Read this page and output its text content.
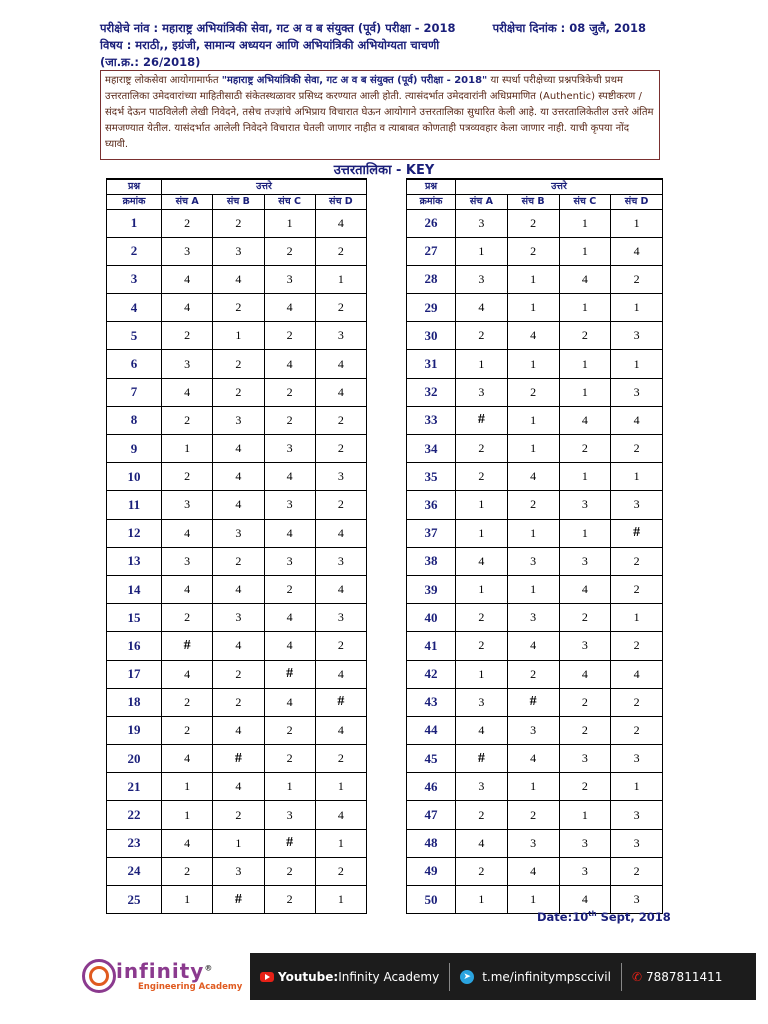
परीक्षेचे नांव : महाराष्ट्र अभियांत्रिकी सेवा, गट अ व ब संयुक्त (पूर्व) परीक्षा - 2018	परीक्षेचा दिनांक : 08 जुलै, 2018
विषय : मराठी,, इग्रंजी, सामान्य अध्ययन आणि अभियांत्रिकी अभियोग्यता चाचणी
(जा.क्र.: 26/2018)
महाराष्ट्र लोकसेवा आयोगामार्फत "महाराष्ट्र अभियांत्रिकी सेवा, गट अ व ब संयुक्त (पूर्व) परीक्षा - 2018" या स्पर्धा परीक्षेच्या प्रश्नपत्रिकेची प्रथम उत्तरतालिका उमेदवारांच्या माहितीसाठी संकेतस्थळावर प्रसिध्द करण्यात आली होती. त्यासंदर्भात उमेदवारांनी अधिप्रमाणित (Authentic) स्पष्टीकरण / संदर्भ देऊन पाठविलेली लेखी निवेदने, तसेच तज्ज्ञांचे अभिप्राय विचारात घेऊन आयोगाने उत्तरतालिका सुधारित केली आहे. या उत्तरतालिकेतील उत्तरे अंतिम समजण्यात येतील. यासंदर्भात आलेली निवेदने विचारात घेतली जाणार नाहीत व त्याबाबत कोणताही पत्रव्यवहार केला जाणार नाही. याची कृपया नोंद घ्यावी.
उत्तरतालिका - KEY
प्रश्न	उत्तरे			
क्रमांक	संच A	संच B	संच C	संच D
1	2	2	1	4
2	3	3	2	2
3	4	4	3	1
4	4	2	4	2
5	2	1	2	3
6	3	2	4	4
7	4	2	2	4
8	2	3	2	2
9	1	4	3	2
10	2	4	4	3
11	3	4	3	2
12	4	3	4	4
13	3	2	3	3
14	4	4	2	4
15	2	3	4	3
16	#	4	4	2
17	4	2	#	4
18	2	2	4	#
19	2	4	2	4
20	4	#	2	2
21	1	4	1	1
22	1	2	3	4
23	4	1	#	1
24	2	3	2	2
25	1	#	2	1
प्रश्न	उत्तरे			
क्रमांक	संच A	संच B	संच C	संच D
26	3	2	1	1
27	1	2	1	4
28	3	1	4	2
29	4	1	1	1
30	2	4	2	3
31	1	1	1	1
32	3	2	1	3
33	#	1	4	4
34	2	1	2	2
35	2	4	1	1
36	1	2	3	3
37	1	1	1	#
38	4	3	3	2
39	1	1	4	2
40	2	3	2	1
41	2	4	3	2
42	1	2	4	4
43	3	#	2	2
44	4	3	2	2
45	#	4	3	3
46	3	1	2	1
47	2	2	1	3
48	4	3	3	3
49	2	4	3	2
50	1	1	4	3
Date:10th Sept, 2018
infinity®
Engineering Academy
Youtube: Infinity Academy	➤ t.me/infinitympsccivil ✆ 7887811411
